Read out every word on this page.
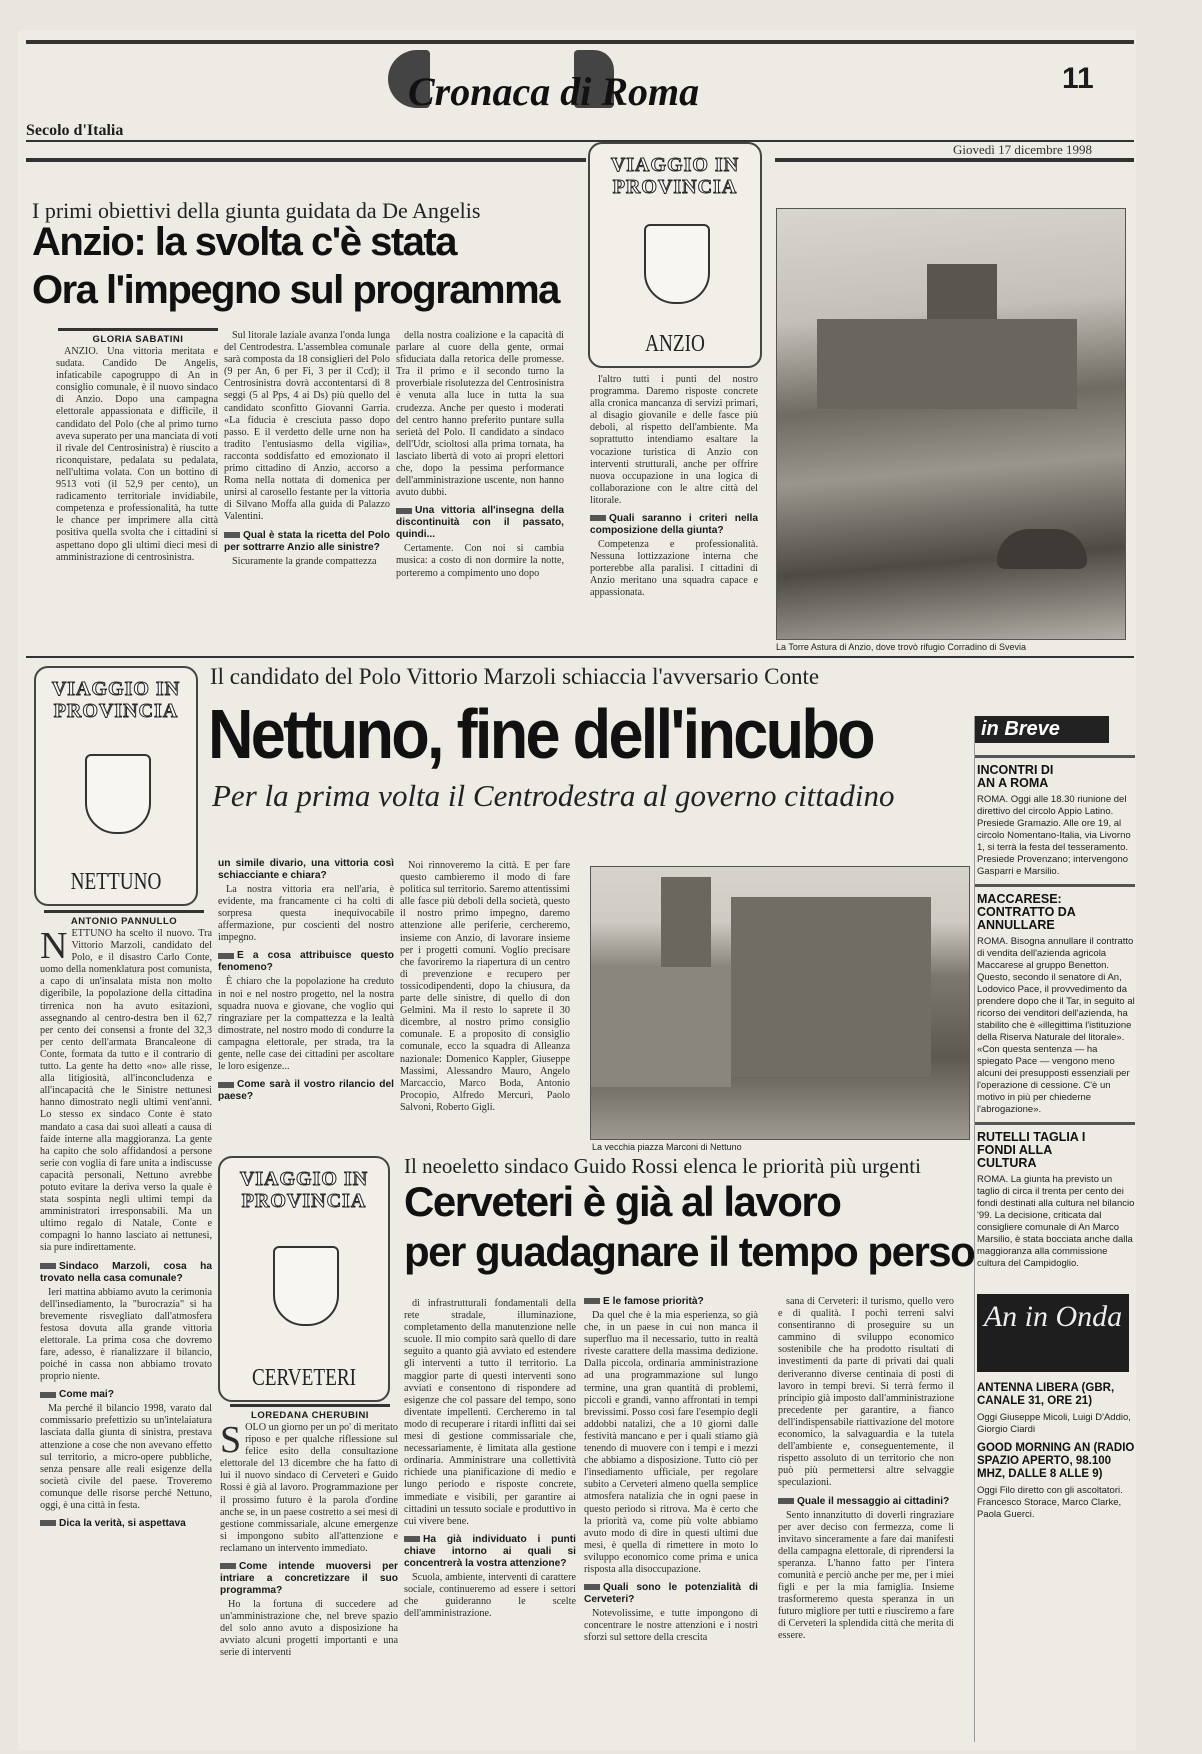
Cronaca di Roma	11
Secolo d'Italia
Giovedì 17 dicembre 1998
I primi obiettivi della giunta guidata da De Angelis
Anzio: la svolta c'è stata
Ora l'impegno sul programma
VIAGGIO IN PROVINCIA
ANZIO
GLORIA SABATINI

ANZIO. Una vittoria meritata e sudata. Candido De Angelis, infaticabile capogruppo di An in consiglio comunale, è il nuovo sindaco di Anzio. Dopo una campagna elettorale appassionata e difficile, il candidato del Polo (che al primo turno aveva superato per una manciata di voti il rivale del Centrosinistra) è riuscito a riconquistare, pedalata su pedalata, nell'ultima volata. Con un bottino di 9513 voti (il 52,9 per cento), un radicamento territoriale invidiabile, competenza e professionalità, ha tutte le chance per imprimere alla città positiva quella svolta che i cittadini si aspettano dopo gli ultimi dieci mesi di amministrazione di centrosinistra.

Sul litorale laziale avanza l'onda lunga del Centrodestra. L'assemblea comunale sarà composta da 18 consiglieri del Polo (9 per An, 6 per Fi, 3 per il Ccd); il Centrosinistra dovrà accontentarsi di 8 seggi (5 al Pps, 4 ai Ds) più quello del candidato sconfitto Giovanni Garria. «La fiducia è cresciuta passo dopo passo. E il verdetto delle urne non ha tradito l'entusiasmo della vigilia», racconta soddisfatto ed emozionato il primo cittadino di Anzio, accorso a Roma nella nottata di domenica per unirsi al carosello festante per la vittoria di Silvano Moffa alla guida di Palazzo Valentini.

Qual è stata la ricetta del Polo per sottrarre Anzio alle sinistre?

Sicuramente la grande compattezza

della nostra coalizione e la capacità di parlare al cuore della gente, ormai sfiduciata dalla retorica delle promesse. Tra il primo e il secondo turno la proverbiale risolutezza del Centrosinistra è venuta alla luce in tutta la sua crudezza. Anche per questo i moderati del centro hanno preferito puntare sulla serietà del Polo. Il candidato a sindaco dell'Udr, scioltosi alla prima tornata, ha lasciato libertà di voto ai propri elettori che, dopo la pessima performance dell'amministrazione uscente, non hanno avuto dubbi.

Una vittoria all'insegna della discontinuità con il passato, quindi...

Certamente. Con noi si cambia musica: a costo di non dormire la notte, porteremo a compimento uno dopo

l'altro tutti i punti del nostro programma. Daremo risposte concrete alla cronica mancanza di servizi primari, al disagio giovanile e delle fasce più deboli, al rispetto dell'ambiente. Ma soprattutto intendiamo esaltare la vocazione turistica di Anzio con interventi strutturali, anche per offrire nuova occupazione in una logica di collaborazione con le altre città del litorale.

Quali saranno i criteri nella composizione della giunta?

Competenza e professionalità. Nessuna lottizzazione interna che porterebbe alla paralisi. I cittadini di Anzio meritano una squadra capace e appassionata.

La Torre Astura di Anzio, dove trovò rifugio Corradino di Svevia
VIAGGIO IN PROVINCIA
NETTUNO
Il candidato del Polo Vittorio Marzoli schiaccia l'avversario Conte
Nettuno, fine dell'incubo
Per la prima volta il Centrodestra al governo cittadino
ANTONIO PANNULLO

NETTUNO ha scelto il nuovo. Tra Vittorio Marzoli, candidato del Polo, e il disastro Carlo Conte, uomo della nomenklatura post comunista, a capo di un'insalata mista non molto digeribile, la popolazione della cittadina tirrenica non ha avuto esitazioni, assegnando al centro-destra ben il 62,7 per cento dei consensi a fronte del 32,3 per cento dell'armata Brancaleone di Conte, formata da tutto e il contrario di tutto. La gente ha detto «no» alle risse, alla litigiosità, all'inconcludenza e all'incapacità che le Sinistre nettunesi hanno dimostrato negli ultimi vent'anni. Lo stesso ex sindaco Conte è stato mandato a casa dai suoi alleati a causa di faide interne alla maggioranza. La gente ha capito che solo affidandosi a persone serie con voglia di fare unita a indiscusse capacità personali, Nettuno avrebbe potuto evitare la deriva verso la quale è stata sospinta negli ultimi tempi da amministratori irresponsabili. Ma un ultimo regalo di Natale, Conte e compagni lo hanno lasciato ai nettunesi, sia pure indirettamente.

Sindaco Marzoli, cosa ha trovato nella casa comunale?

Ieri mattina abbiamo avuto la cerimonia dell'insediamento, la "burocrazia" si ha brevemente risvegliato dall'atmosfera festosa dovuta alla grande vittoria elettorale. La prima cosa che dovremo fare, adesso, è rianalizzare il bilancio, poiché in cassa non abbiamo trovato proprio niente.

Come mai?

Ma perché il bilancio 1998, varato dal commissario prefettizio su un'intelaiatura lasciata dalla giunta di sinistra, prestava attenzione a cose che non avevano effetto sul territorio, a micro-opere pubbliche, senza pensare alle reali esigenze della società civile del paese. Troveremo comunque delle risorse perché Nettuno, oggi, è una città in festa.

Dica la verità, si aspettava
un simile divario, una vittoria così schiacciante e chiara?

La nostra vittoria era nell'aria, è evidente, ma francamente ci ha colti di sorpresa questa inequivocabile affermazione, pur coscienti del nostro impegno.

E a cosa attribuisce questo fenomeno?

È chiaro che la popolazione ha creduto in noi e nel nostro progetto, nel la nostra squadra nuova e giovane, che voglio qui ringraziare per la compattezza e la lealtà dimostrate, nel nostro modo di condurre la campagna elettorale, per strada, tra la gente, nelle case dei cittadini per ascoltare le loro esigenze...

Come sarà il vostro rilancio del paese?

Noi rinnoveremo la città. E per fare questo cambieremo il modo di fare politica sul territorio. Saremo attentissimi alle fasce più deboli della società, questo il nostro primo impegno, daremo attenzione alle periferie, cercheremo, insieme con Anzio, di lavorare insieme per i progetti comuni. Voglio precisare che favoriremo la riapertura di un centro di prevenzione e recupero per tossicodipendenti, dopo la chiusura, da parte delle sinistre, di quello di don Gelmini. Ma il resto lo saprete il 30 dicembre, al nostro primo consiglio comunale. E a proposito di consiglio comunale, ecco la squadra di Alleanza nazionale: Domenico Kappler, Giuseppe Massimi, Alessandro Mauro, Angelo Marcaccio, Marco Boda, Antonio Procopio, Alfredo Mercuri, Paolo Salvoni, Roberto Gigli.

La vecchia piazza Marconi di Nettuno
VIAGGIO IN PROVINCIA
CERVETERI
Il neoeletto sindaco Guido Rossi elenca le priorità più urgenti
Cerveteri è già al lavoro
per guadagnare il tempo perso
LOREDANA CHERUBINI

SOLO un giorno per un po' di meritato riposo e per qualche riflessione sul felice esito della consultazione elettorale del 13 dicembre che ha fatto di lui il nuovo sindaco di Cerveteri e Guido Rossi è già al lavoro. Programmazione per il prossimo futuro è la parola d'ordine anche se, in un paese costretto a sei mesi di gestione commissariale, alcune emergenze si impongono subito all'attenzione e reclamano un intervento immediato.

Come intende muoversi per intriare a concretizzare il suo programma?

Ho la fortuna di succedere ad un'amministrazione che, nel breve spazio del solo anno avuto a disposizione ha avviato alcuni progetti importanti e una serie di interventi

di infrastrutturali fondamentali della rete stradale, illuminazione, completamento della manutenzione nelle scuole. Il mio compito sarà quello di dare seguito a quanto già avviato ed estendere gli interventi a tutto il territorio. La maggior parte di questi interventi sono avviati e consentono di rispondere ad esigenze che col passare del tempo, sono diventate impellenti. Cercheremo in tal modo di recuperare i ritardi inflitti dai sei mesi di gestione commissariale che, necessariamente, è limitata alla gestione ordinaria. Amministrare una collettività richiede una pianificazione di medio e lungo periodo e risposte concrete, immediate e visibili, per garantire ai cittadini un tessuto sociale e produttivo in cui vivere bene.

Ha già individuato i punti chiave intorno ai quali si concentrerà la vostra attenzione?

Scuola, ambiente, interventi di carattere sociale, continueremo ad essere i settori che guideranno le scelte dell'amministrazione.

E le famose priorità?

Da quel che è la mia esperienza, so già che, in un paese in cui non manca il superfluo ma il necessario, tutto in realtà riveste carattere della massima dedizione. Dalla piccola, ordinaria amministrazione ad una programmazione sul lungo termine, una gran quantità di problemi, piccoli e grandi, vanno affrontati in tempi brevissimi. Posso così fare l'esempio degli addobbi natalizi, che a 10 giorni dalle festività mancano e per i quali stiamo già tenendo di muovere con i tempi e i mezzi che abbiamo a disposizione. Tutto ciò per l'insediamento ufficiale, per regolare subito a Cerveteri almeno quella semplice atmosfera natalizia che in ogni paese in questo periodo si ritrova. Ma è certo che la priorità va, come più volte abbiamo avuto modo di dire in questi ultimi due mesi, è quella di rimettere in moto lo sviluppo economico come prima e unica risposta alla disoccupazione.

Quali sono le potenzialità di Cerveteri?

Notevolissime, e tutte impongono di concentrare le nostre attenzioni e i nostri sforzi sul settore della crescita

sana di Cerveteri: il turismo, quello vero e di qualità. I pochi terreni salvi consentiranno di proseguire su un cammino di sviluppo economico sostenibile che ha prodotto risultati di investimenti da parte di privati dai quali deriveranno diverse centinaia di posti di lavoro in tempi brevi. Si terrà fermo il principio già imposto dall'amministrazione precedente per garantire, a fianco dell'indispensabile riattivazione del motore economico, la salvaguardia e la tutela dell'ambiente e, conseguentemente, il rispetto assoluto di un territorio che non può più permettersi altre selvaggie speculazioni.

Quale il messaggio ai cittadini?

Sento innanzitutto di doverli ringraziare per aver deciso con fermezza, come li invitavo sinceramente a fare dai manifesti della campagna elettorale, di riprendersi la speranza. L'hanno fatto per l'intera comunità e perciò anche per me, per i miei figli e per la mia famiglia. Insieme trasformeremo questa speranza in un futuro migliore per tutti e riusciremo a fare di Cerveteri la splendida città che merita di essere.

in Breve
INCONTRI DI AN A ROMA
ROMA. Oggi alle 18.30 riunione del direttivo del circolo Appio Latino. Presiede Gramazio. Alle ore 19, al circolo Nomentano-Italia, via Livorno 1, si terrà la festa del tesseramento. Presiede Provenzano; intervengono Gasparri e Marsilio.
MACCARESE: CONTRATTO DA ANNULLARE
ROMA. Bisogna annullare il contratto di vendita dell'azienda agricola Maccarese al gruppo Benetton. Questo, secondo il senatore di An, Lodovico Pace, il provvedimento da prendere dopo che il Tar, in seguito al ricorso dei venditori dell'azienda, ha stabilito che è «illegittima l'istituzione della Riserva Naturale del litorale». «Con questa sentenza — ha spiegato Pace — vengono meno alcuni dei presupposti essenziali per l'operazione di cessione. C'è un motivo in più per chiederne l'abrogazione».
RUTELLI TAGLIA I FONDI ALLA CULTURA
ROMA. La giunta ha previsto un taglio di circa il trenta per cento dei fondi destinati alla cultura nel bilancio '99. La decisione, criticata dal consigliere comunale di An Marco Marsilio, è stata bocciata anche dalla maggioranza alla commissione cultura del Campidoglio.
An in Onda
ANTENNA LIBERA (GBR, CANALE 31, ORE 21)
Oggi Giuseppe Micoli, Luigi D'Addio, Giorgio Ciardi
GOOD MORNING AN (RADIO SPAZIO APERTO, 98.100 MHZ, DALLE 8 ALLE 9)
Oggi Filo diretto con gli ascoltatori. Francesco Storace, Marco Clarke, Paola Guerci.
